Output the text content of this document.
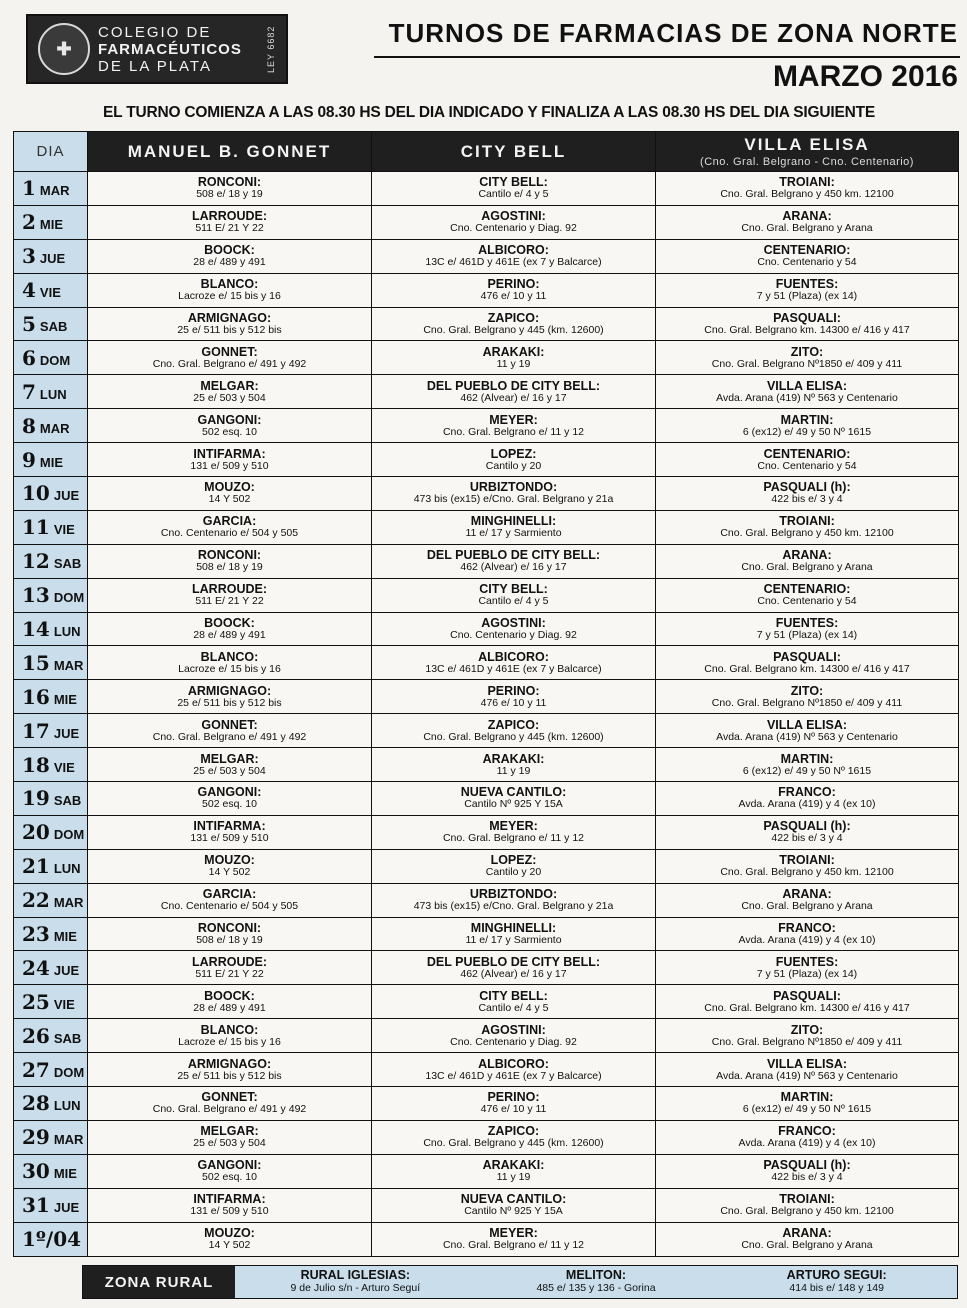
✚
COLEGIO DE
FARMACÉUTICOS
DE LA PLATA	LEY 6682	TURNOS DE FARMACIAS DE ZONA NORTE
MARZO 2016
EL TURNO COMIENZA A LAS 08.30 HS DEL DIA INDICADO Y FINALIZA A LAS 08.30 HS DEL DIA SIGUIENTE
DIA	MANUEL B. GONNET	CITY BELL	VILLA ELISA
(Cno. Gral. Belgrano - Cno. Centenario)

1 MAR	RONCONI:
508 e/ 18 y 19	CITY BELL:
Cantilo e/ 4 y 5	TROIANI:
Cno. Gral. Belgrano y 450 km. 12100

2 MIE	LARROUDE:
511 E/ 21 Y 22	AGOSTINI:
Cno. Centenario y Diag. 92	ARANA:
Cno. Gral. Belgrano y Arana

3 JUE	BOOCK:
28 e/ 489 y 491	ALBICORO:
13C e/ 461D y 461E (ex 7 y Balcarce)	CENTENARIO:
Cno. Centenario y 54

4 VIE	BLANCO:
Lacroze e/ 15 bis y 16	PERINO:
476 e/ 10 y 11	FUENTES:
7 y 51 (Plaza) (ex 14)

5 SAB	ARMIGNAGO:
25 e/ 511 bis y 512 bis	ZAPICO:
Cno. Gral. Belgrano y 445 (km. 12600)	PASQUALI:
Cno. Gral. Belgrano km. 14300 e/ 416 y 417

6 DOM	GONNET:
Cno. Gral. Belgrano e/ 491 y 492	ARAKAKI:
11 y 19	ZITO:
Cno. Gral. Belgrano Nº1850 e/ 409 y 411

7 LUN	MELGAR:
25 e/ 503 y 504	DEL PUEBLO DE CITY BELL:
462 (Alvear) e/ 16 y 17	VILLA ELISA:
Avda. Arana (419) Nº 563 y Centenario

8 MAR	GANGONI:
502 esq. 10	MEYER:
Cno. Gral. Belgrano e/ 11 y 12	MARTIN:
6 (ex12) e/ 49 y 50 Nº 1615

9 MIE	INTIFARMA:
131 e/ 509 y 510	LOPEZ:
Cantilo y 20	CENTENARIO:
Cno. Centenario y 54

10 JUE	MOUZO:
14 Y 502	URBIZTONDO:
473 bis (ex15) e/Cno. Gral. Belgrano y 21a	PASQUALI (h):
422 bis e/ 3 y 4

11 VIE	GARCIA:
Cno. Centenario e/ 504 y 505	MINGHINELLI:
11 e/ 17 y Sarmiento	TROIANI:
Cno. Gral. Belgrano y 450 km. 12100

12 SAB	RONCONI:
508 e/ 18 y 19	DEL PUEBLO DE CITY BELL:
462 (Alvear) e/ 16 y 17	ARANA:
Cno. Gral. Belgrano y Arana

13 DOM	LARROUDE:
511 E/ 21 Y 22	CITY BELL:
Cantilo e/ 4 y 5	CENTENARIO:
Cno. Centenario y 54

14 LUN	BOOCK:
28 e/ 489 y 491	AGOSTINI:
Cno. Centenario y Diag. 92	FUENTES:
7 y 51 (Plaza) (ex 14)

15 MAR	BLANCO:
Lacroze e/ 15 bis y 16	ALBICORO:
13C e/ 461D y 461E (ex 7 y Balcarce)	PASQUALI:
Cno. Gral. Belgrano km. 14300 e/ 416 y 417

16 MIE	ARMIGNAGO:
25 e/ 511 bis y 512 bis	PERINO:
476 e/ 10 y 11	ZITO:
Cno. Gral. Belgrano Nº1850 e/ 409 y 411

17 JUE	GONNET:
Cno. Gral. Belgrano e/ 491 y 492	ZAPICO:
Cno. Gral. Belgrano y 445 (km. 12600)	VILLA ELISA:
Avda. Arana (419) Nº 563 y Centenario

18 VIE	MELGAR:
25 e/ 503 y 504	ARAKAKI:
11 y 19	MARTIN:
6 (ex12) e/ 49 y 50 Nº 1615

19 SAB	GANGONI:
502 esq. 10	NUEVA CANTILO:
Cantilo Nº 925 Y 15A	FRANCO:
Avda. Arana (419) y 4 (ex 10)

20 DOM	INTIFARMA:
131 e/ 509 y 510	MEYER:
Cno. Gral. Belgrano e/ 11 y 12	PASQUALI (h):
422 bis e/ 3 y 4

21 LUN	MOUZO:
14 Y 502	LOPEZ:
Cantilo y 20	TROIANI:
Cno. Gral. Belgrano y 450 km. 12100

22 MAR	GARCIA:
Cno. Centenario e/ 504 y 505	URBIZTONDO:
473 bis (ex15) e/Cno. Gral. Belgrano y 21a	ARANA:
Cno. Gral. Belgrano y Arana

23 MIE	RONCONI:
508 e/ 18 y 19	MINGHINELLI:
11 e/ 17 y Sarmiento	FRANCO:
Avda. Arana (419) y 4 (ex 10)

24 JUE	LARROUDE:
511 E/ 21 Y 22	DEL PUEBLO DE CITY BELL:
462 (Alvear) e/ 16 y 17	FUENTES:
7 y 51 (Plaza) (ex 14)

25 VIE	BOOCK:
28 e/ 489 y 491	CITY BELL:
Cantilo e/ 4 y 5	PASQUALI:
Cno. Gral. Belgrano km. 14300 e/ 416 y 417

26 SAB	BLANCO:
Lacroze e/ 15 bis y 16	AGOSTINI:
Cno. Centenario y Diag. 92	ZITO:
Cno. Gral. Belgrano Nº1850 e/ 409 y 411

27 DOM	ARMIGNAGO:
25 e/ 511 bis y 512 bis	ALBICORO:
13C e/ 461D y 461E (ex 7 y Balcarce)	VILLA ELISA:
Avda. Arana (419) Nº 563 y Centenario

28 LUN	GONNET:
Cno. Gral. Belgrano e/ 491 y 492	PERINO:
476 e/ 10 y 11	MARTIN:
6 (ex12) e/ 49 y 50 Nº 1615

29 MAR	MELGAR:
25 e/ 503 y 504	ZAPICO:
Cno. Gral. Belgrano y 445 (km. 12600)	FRANCO:
Avda. Arana (419) y 4 (ex 10)

30 MIE	GANGONI:
502 esq. 10	ARAKAKI:
11 y 19	PASQUALI (h):
422 bis e/ 3 y 4

31 JUE	INTIFARMA:
131 e/ 509 y 510	NUEVA CANTILO:
Cantilo Nº 925 Y 15A	TROIANI:
Cno. Gral. Belgrano y 450 km. 12100

1º/04	MOUZO:
14 Y 502	MEYER:
Cno. Gral. Belgrano e/ 11 y 12	ARANA:
Cno. Gral. Belgrano y Arana
ZONA RURAL	RURAL IGLESIAS:
9 de Julio s/n - Arturo Seguí
MELITON:
485 e/ 135 y 136 - Gorina
ARTURO SEGUI:
414 bis e/ 148 y 149
